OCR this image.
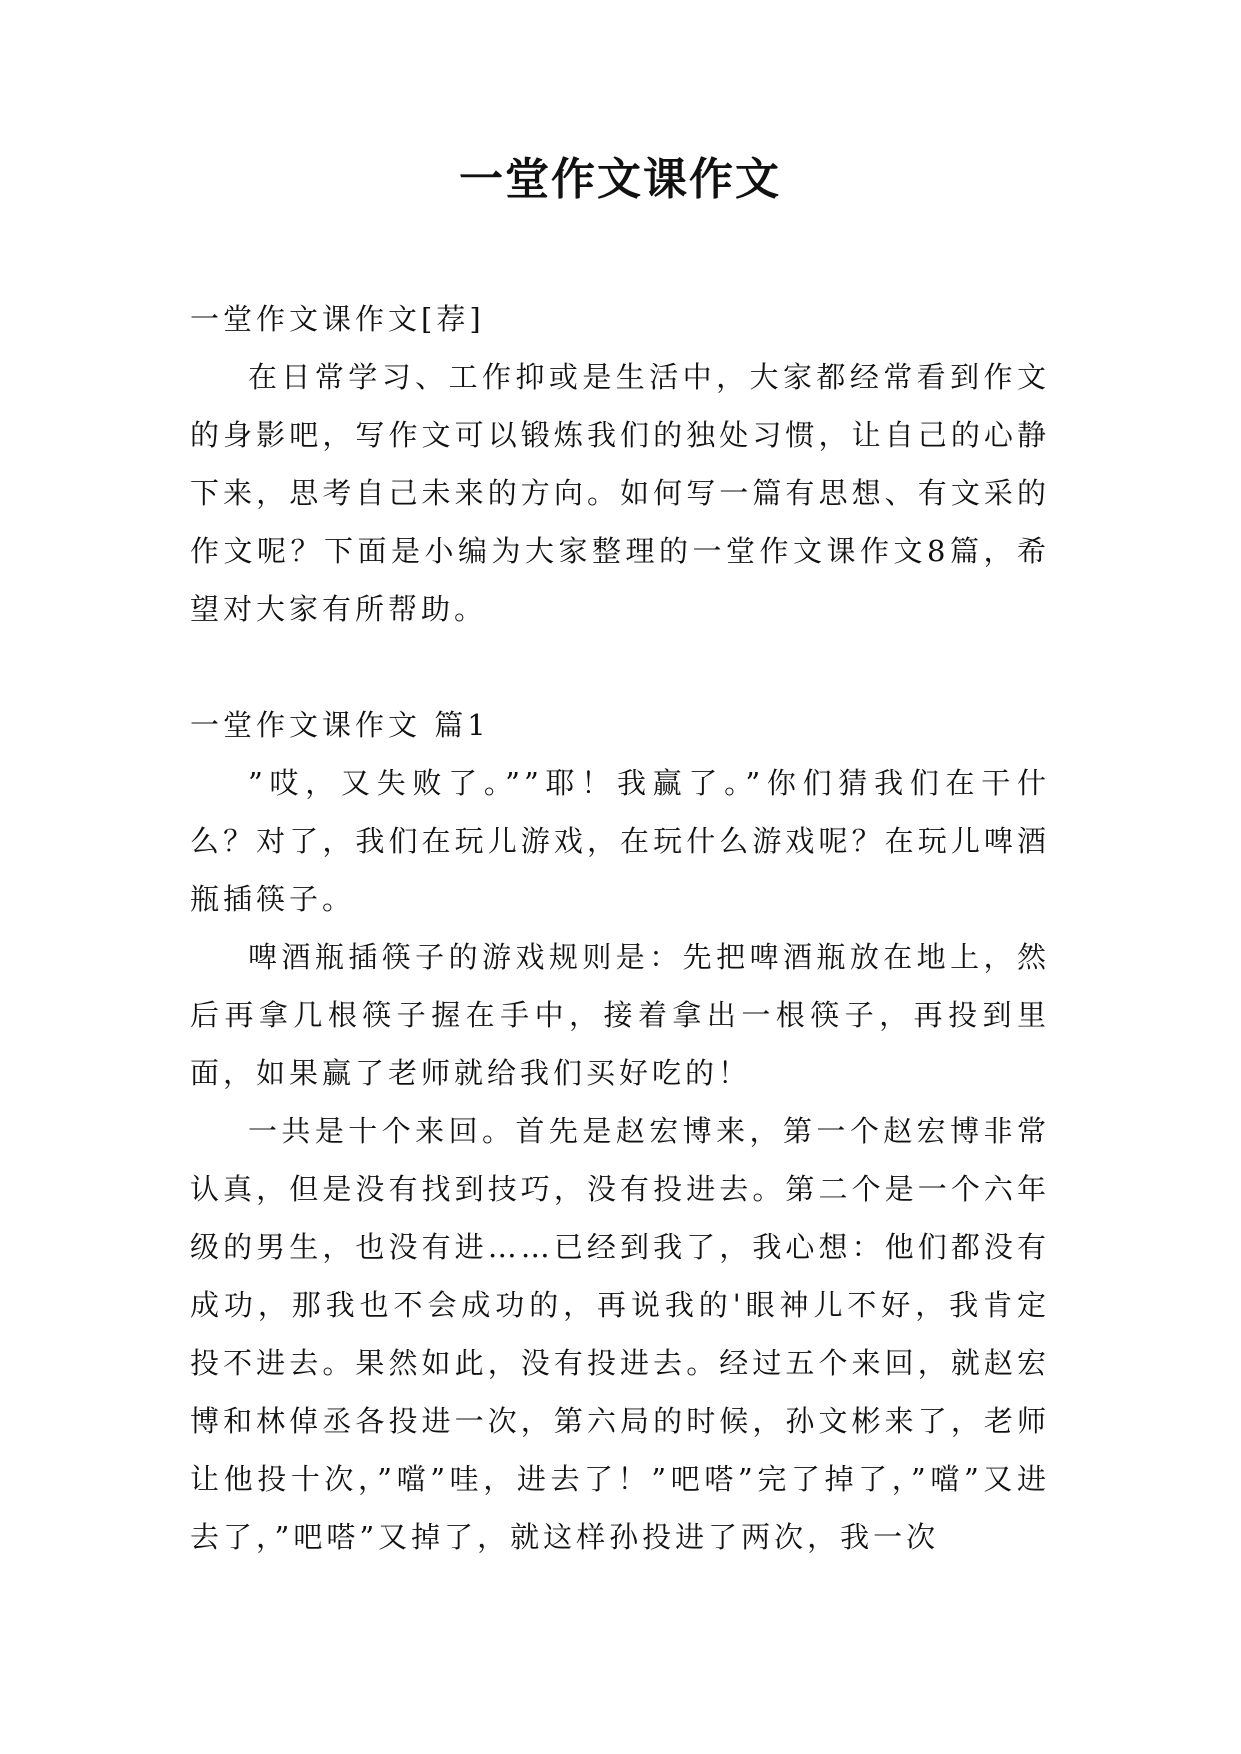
一堂作文课作文

一堂作文课作文[荐]

在日常学习、工作抑或是生活中，大家都经常看到作文的身影吧，写作文可以锻炼我们的独处习惯，让自己的心静下来，思考自己未来的方向。如何写一篇有思想、有文采的作文呢？下面是小编为大家整理的一堂作文课作文8篇，希望对大家有所帮助。

一堂作文课作文 篇1

”哎，又失败了。””耶！我赢了。”你们猜我们在干什么？对了，我们在玩儿游戏，在玩什么游戏呢？在玩儿啤酒瓶插筷子。

啤酒瓶插筷子的游戏规则是：先把啤酒瓶放在地上，然后再拿几根筷子握在手中，接着拿出一根筷子，再投到里面，如果赢了老师就给我们买好吃的！

一共是十个来回。首先是赵宏博来，第一个赵宏博非常认真，但是没有找到技巧，没有投进去。第二个是一个六年级的男生，也没有进……已经到我了，我心想：他们都没有成功，那我也不会成功的，再说我的'眼神儿不好，我肯定投不进去。果然如此，没有投进去。经过五个来回，就赵宏博和林倬丞各投进一次，第六局的时候，孙文彬来了，老师让他投十次，”噹”哇，进去了！”吧嗒”完了掉了，”噹”又进去了，”吧嗒”又掉了，就这样孙投进了两次，我一次
